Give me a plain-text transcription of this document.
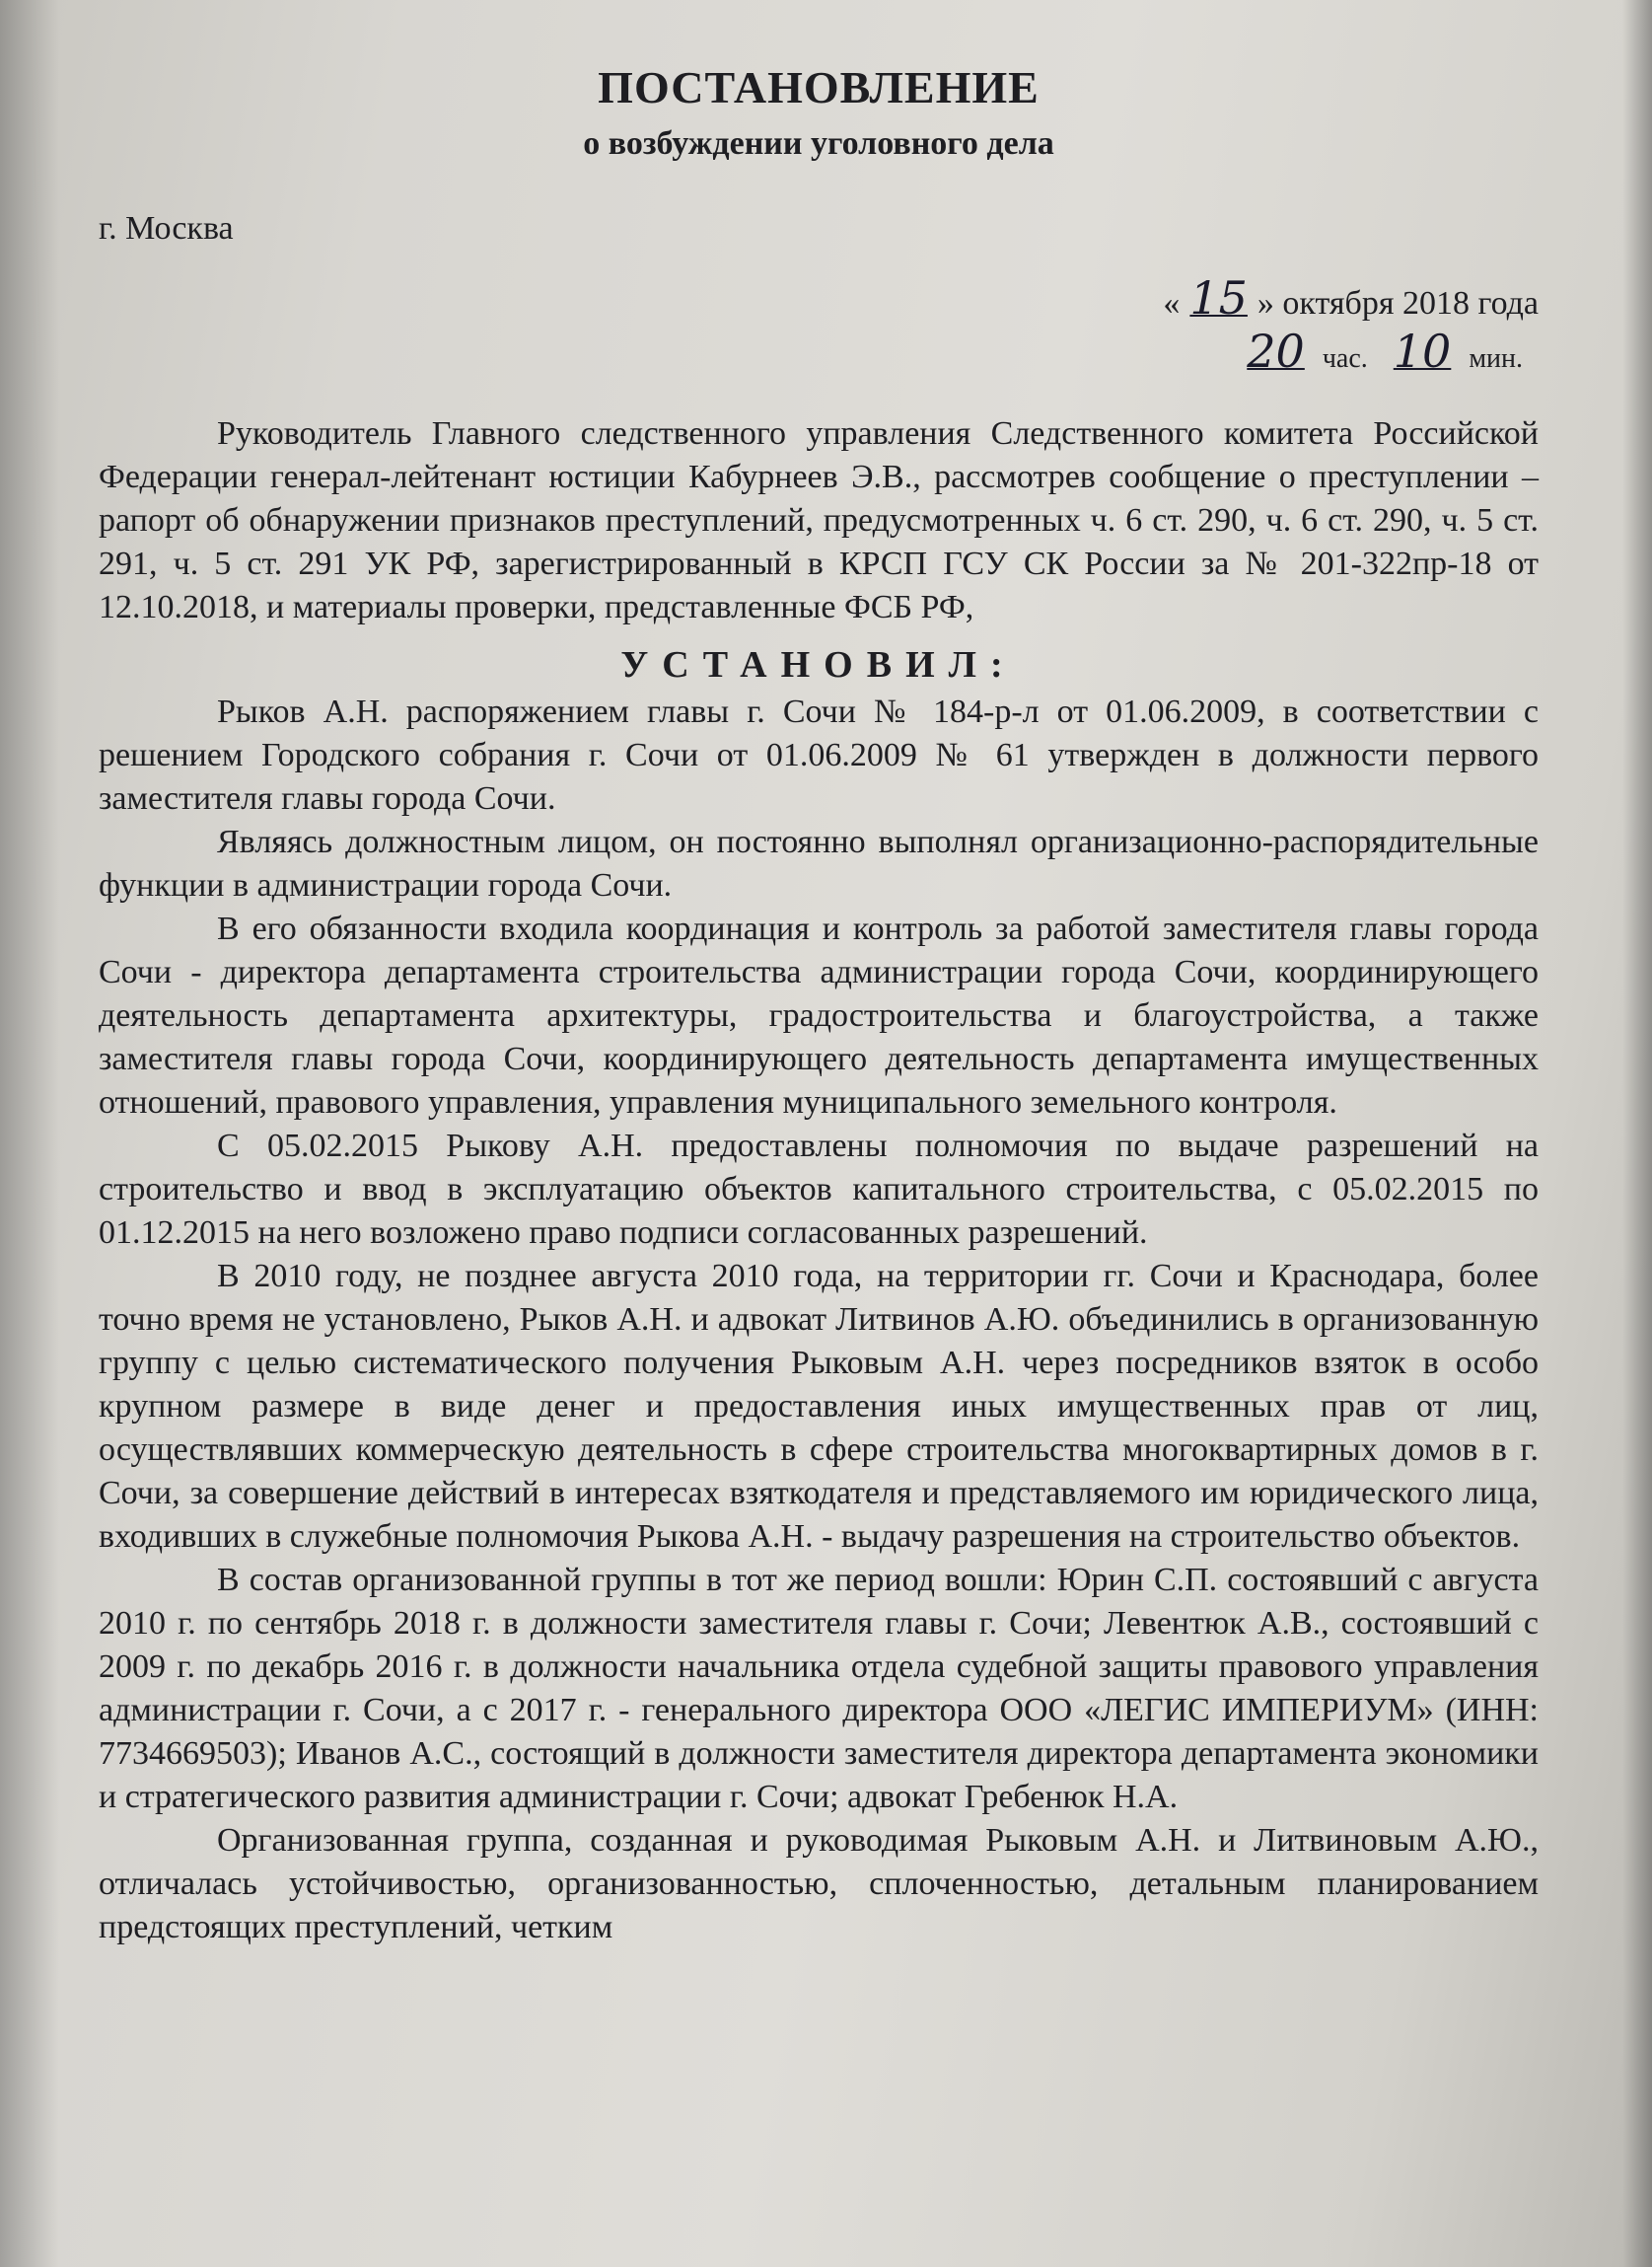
ПОСТАНОВЛЕНИЕ
о возбуждении уголовного дела
г. Москва
« 15 » октября 2018 года
20 час. 10 мин.

Руководитель Главного следственного управления Следственного комитета Российской Федерации генерал-лейтенант юстиции Кабурнеев Э.В., рассмотрев сообщение о преступлении – рапорт об обнаружении признаков преступлений, предусмотренных ч. 6 ст. 290, ч. 6 ст. 290, ч. 5 ст. 291, ч. 5 ст. 291 УК РФ, зарегистрированный в КРСП ГСУ СК России за № 201-322пр-18 от 12.10.2018, и материалы проверки, представленные ФСБ РФ,

УСТАНОВИЛ:

Рыков А.Н. распоряжением главы г. Сочи № 184-р-л от 01.06.2009, в соответствии с решением Городского собрания г. Сочи от 01.06.2009 № 61 утвержден в должности первого заместителя главы города Сочи.

Являясь должностным лицом, он постоянно выполнял организационно-распорядительные функции в администрации города Сочи.

В его обязанности входила координация и контроль за работой заместителя главы города Сочи - директора департамента строительства администрации города Сочи, координирующего деятельность департамента архитектуры, градостроительства и благоустройства, а также заместителя главы города Сочи, координирующего деятельность департамента имущественных отношений, правового управления, управления муниципального земельного контроля.

С 05.02.2015 Рыкову А.Н. предоставлены полномочия по выдаче разрешений на строительство и ввод в эксплуатацию объектов капитального строительства, с 05.02.2015 по 01.12.2015 на него возложено право подписи согласованных разрешений.

В 2010 году, не позднее августа 2010 года, на территории гг. Сочи и Краснодара, более точно время не установлено, Рыков А.Н. и адвокат Литвинов А.Ю. объединились в организованную группу с целью систематического получения Рыковым А.Н. через посредников взяток в особо крупном размере в виде денег и предоставления иных имущественных прав от лиц, осуществлявших коммерческую деятельность в сфере строительства многоквартирных домов в г. Сочи, за совершение действий в интересах взяткодателя и представляемого им юридического лица, входивших в служебные полномочия Рыкова А.Н. - выдачу разрешения на строительство объектов.

В состав организованной группы в тот же период вошли: Юрин С.П. состоявший с августа 2010 г. по сентябрь 2018 г. в должности заместителя главы г. Сочи; Левентюк А.В., состоявший с 2009 г. по декабрь 2016 г. в должности начальника отдела судебной защиты правового управления администрации г. Сочи, а с 2017 г. - генерального директора ООО «ЛЕГИС ИМПЕРИУМ» (ИНН: 7734669503); Иванов А.С., состоящий в должности заместителя директора департамента экономики и стратегического развития администрации г. Сочи; адвокат Гребенюк Н.А.

Организованная группа, созданная и руководимая Рыковым А.Н. и Литвиновым А.Ю., отличалась устойчивостью, организованностью, сплоченностью, детальным планированием предстоящих преступлений, четким
